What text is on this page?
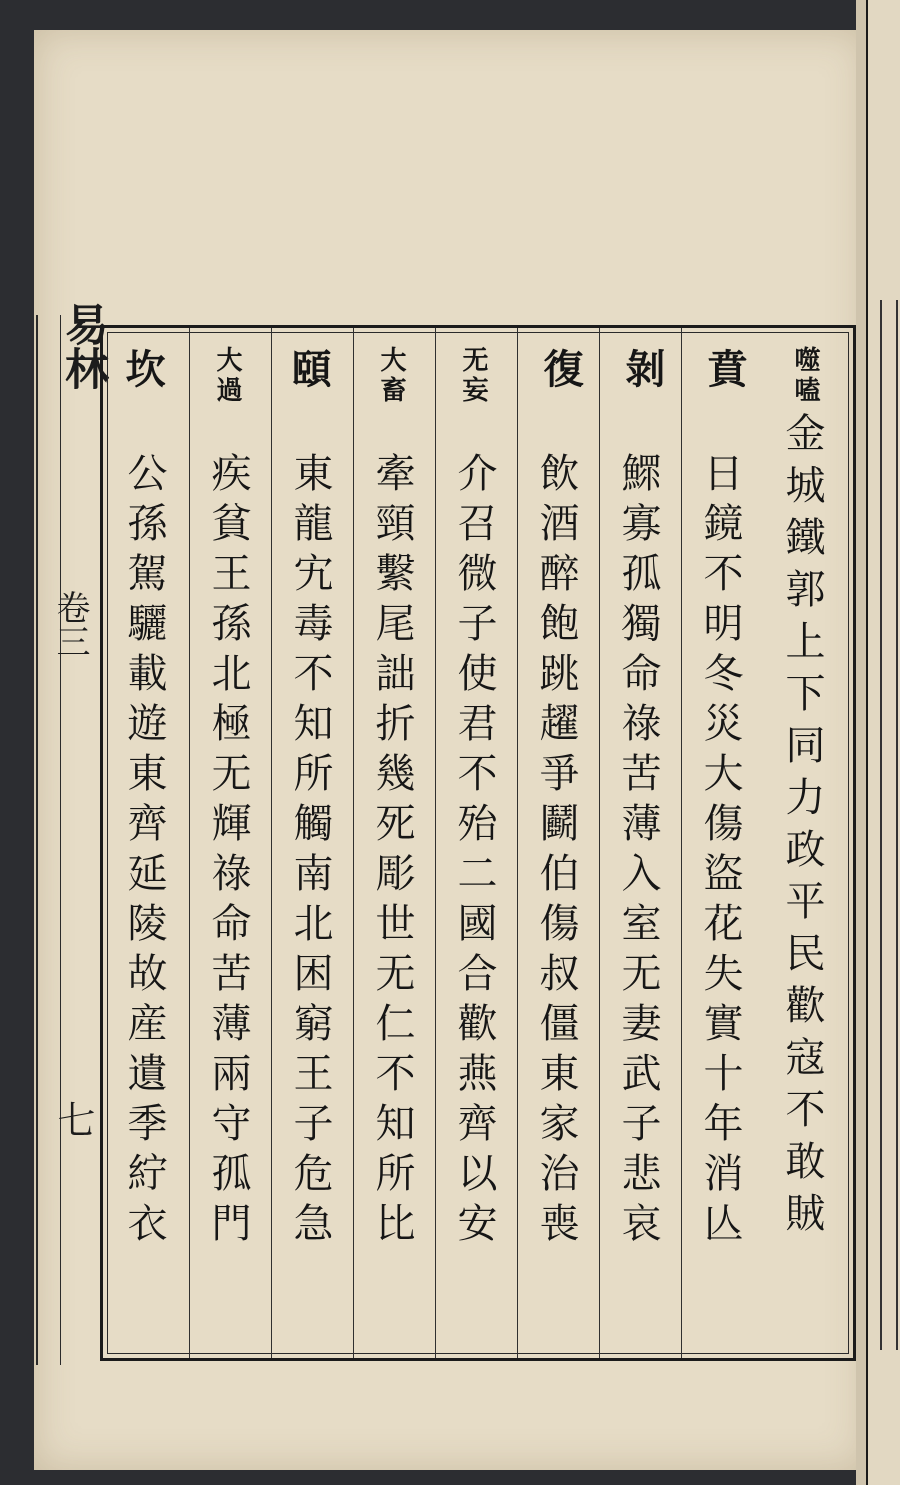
易林
卷三
七
噬嗑
金城鐵郭上下同力政平民歡寇不敢賊
賁
日鏡不明冬災大傷盜花失實十年消亾
剝
鰥寡孤獨命祿苦薄入室无妻武子悲哀
復
飲酒醉飽跳趯爭鬬伯傷叔僵東家治喪
无妄
介召微子使君不殆二國合歡燕齊以安
大畜
牽頸繫尾詘折幾死彫世无仁不知所比
頤
東龍宄毒不知所觸南北困窮王子危急
大過
疾貧王孫北極无輝祿命苦薄兩守孤門
坎
公孫駕驪載遊東齊延陵故産遺季紵衣
